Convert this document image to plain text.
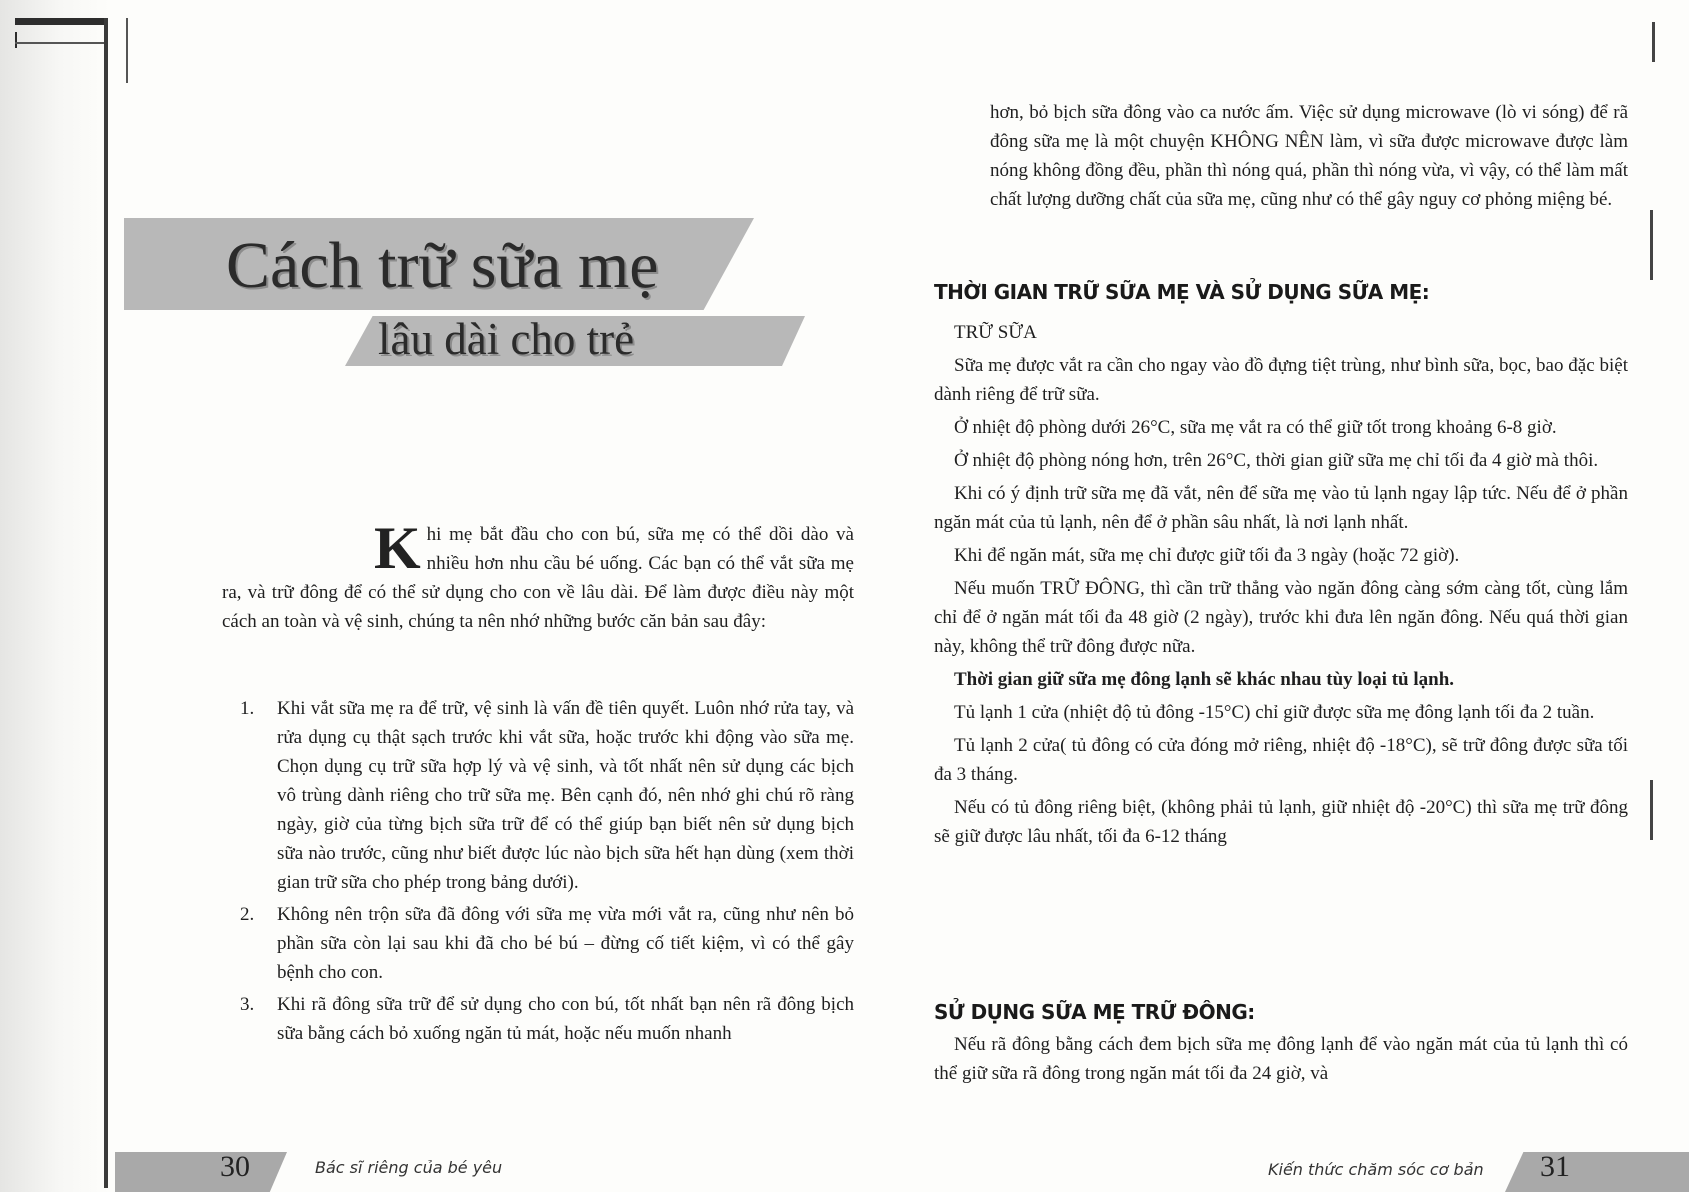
Cách trữ sữa mẹ
lâu dài cho trẻ

Khi mẹ bắt đầu cho con bú, sữa mẹ có thể dồi dào và nhiều hơn nhu cầu bé uống. Các bạn có thể vắt sữa mẹ ra, và trữ đông để có thể sử dụng cho con về lâu dài. Để làm được điều này một cách an toàn và vệ sinh, chúng ta nên nhớ những bước căn bản sau đây:

1. Khi vắt sữa mẹ ra để trữ, vệ sinh là vấn đề tiên quyết. Luôn nhớ rửa tay, và rửa dụng cụ thật sạch trước khi vắt sữa, hoặc trước khi động vào sữa mẹ. Chọn dụng cụ trữ sữa hợp lý và vệ sinh, và tốt nhất nên sử dụng các bịch vô trùng dành riêng cho trữ sữa mẹ. Bên cạnh đó, nên nhớ ghi chú rõ ràng ngày, giờ của từng bịch sữa trữ để có thể giúp bạn biết nên sử dụng bịch sữa nào trước, cũng như biết được lúc nào bịch sữa hết hạn dùng (xem thời gian trữ sữa cho phép trong bảng dưới).
2. Không nên trộn sữa đã đông với sữa mẹ vừa mới vắt ra, cũng như nên bỏ phần sữa còn lại sau khi đã cho bé bú – đừng cố tiết kiệm, vì có thể gây bệnh cho con.
3. Khi rã đông sữa trữ để sử dụng cho con bú, tốt nhất bạn nên rã đông bịch sữa bằng cách bỏ xuống ngăn tủ mát, hoặc nếu muốn nhanh
30	Bác sĩ riêng của bé yêu

hơn, bỏ bịch sữa đông vào ca nước ấm. Việc sử dụng microwave (lò vi sóng) để rã đông sữa mẹ là một chuyện KHÔNG NÊN làm, vì sữa được microwave được làm nóng không đồng đều, phần thì nóng quá, phần thì nóng vừa, vì vậy, có thể làm mất chất lượng dưỡng chất của sữa mẹ, cũng như có thể gây nguy cơ phỏng miệng bé.

THỜI GIAN TRỮ SỮA MẸ VÀ SỬ DỤNG SỮA MẸ:

TRỮ SỮA

Sữa mẹ được vắt ra cần cho ngay vào đồ đựng tiệt trùng, như bình sữa, bọc, bao đặc biệt dành riêng để trữ sữa.

Ở nhiệt độ phòng dưới 26°C, sữa mẹ vắt ra có thể giữ tốt trong khoảng 6-8 giờ.

Ở nhiệt độ phòng nóng hơn, trên 26°C, thời gian giữ sữa mẹ chỉ tối đa 4 giờ mà thôi.

Khi có ý định trữ sữa mẹ đã vắt, nên để sữa mẹ vào tủ lạnh ngay lập tức. Nếu để ở phần ngăn mát của tủ lạnh, nên để ở phần sâu nhất, là nơi lạnh nhất.

Khi để ngăn mát, sữa mẹ chỉ được giữ tối đa 3 ngày (hoặc 72 giờ).

Nếu muốn TRỮ ĐÔNG, thì cần trữ thẳng vào ngăn đông càng sớm càng tốt, cùng lắm chỉ để ở ngăn mát tối đa 48 giờ (2 ngày), trước khi đưa lên ngăn đông. Nếu quá thời gian này, không thể trữ đông được nữa.

Thời gian giữ sữa mẹ đông lạnh sẽ khác nhau tùy loại tủ lạnh.

Tủ lạnh 1 cửa (nhiệt độ tủ đông -15°C) chỉ giữ được sữa mẹ đông lạnh tối đa 2 tuần.

Tủ lạnh 2 cửa( tủ đông có cửa đóng mở riêng, nhiệt độ -18°C), sẽ trữ đông được sữa tối đa 3 tháng.

Nếu có tủ đông riêng biệt, (không phải tủ lạnh, giữ nhiệt độ -20°C) thì sữa mẹ trữ đông sẽ giữ được lâu nhất, tối đa 6-12 tháng

SỬ DỤNG SỮA MẸ TRỮ ĐÔNG:

Nếu rã đông bằng cách đem bịch sữa mẹ đông lạnh để vào ngăn mát của tủ lạnh thì có thể giữ sữa rã đông trong ngăn mát tối đa 24 giờ, và

Kiến thức chăm sóc cơ bản 31
